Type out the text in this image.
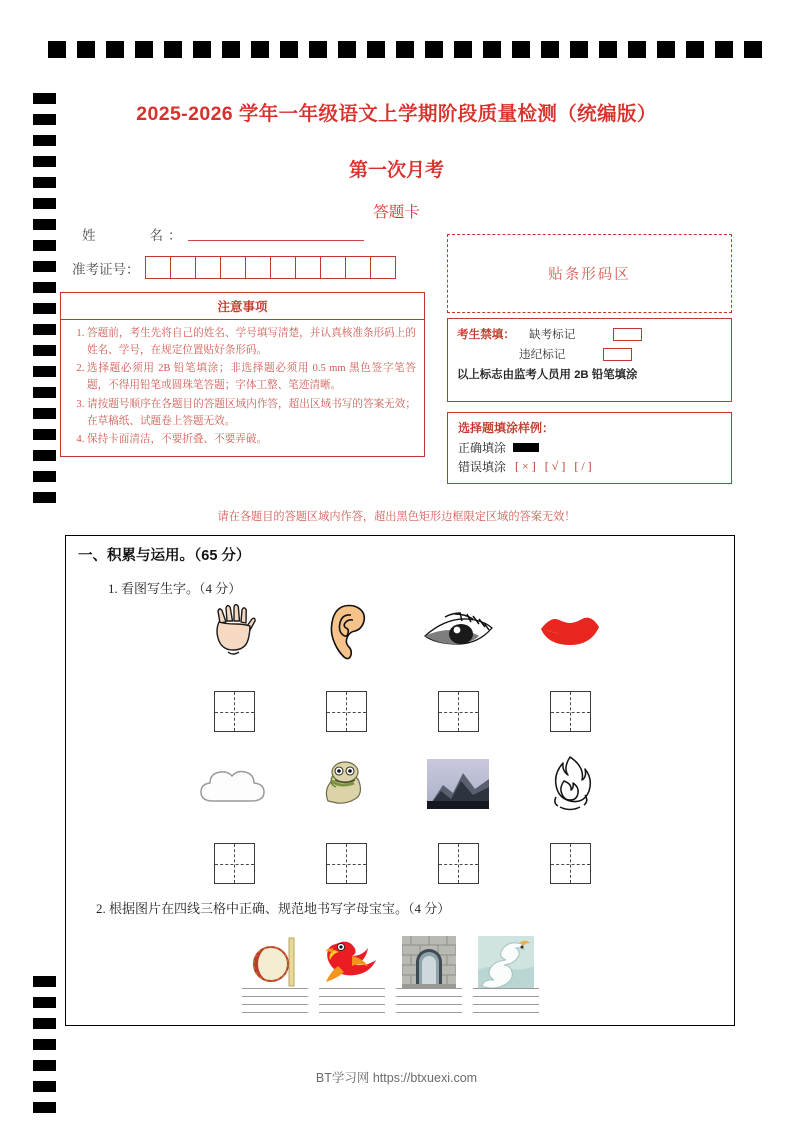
2025-2026 学年一年级语文上学期阶段质量检测（统编版）
第一次月考
答题卡
姓　　名
：
准考证号：
注意事项
1. 答题前，考生先将自己的姓名、学号填写清楚，并认真核准条形码上的姓名、学号，在规定位置贴好条形码。
2. 选择题必须用 2B 铅笔填涂；非选择题必须用 0.5 mm 黑色签字笔答题，不得用铅笔或圆珠笔答题；字体工整、笔迹清晰。
3. 请按题号顺序在各题目的答题区域内作答，超出区域书写的答案无效；在草稿纸、试题卷上答题无效。
4. 保持卡面清洁，不要折叠、不要弄破。
贴条形码区
考生禁填： 缺考标记
违纪标记
以上标志由监考人员用 2B 铅笔填涂
选择题填涂样例：
正确填涂
错误填涂 [×] [√] [/]
请在各题目的答题区域内作答，超出黑色矩形边框限定区域的答案无效！
一、积累与运用。（65 分）
1. 看图写生字。（4 分）
2. 根据图片在四线三格中正确、规范地书写字母宝宝。（4 分）
BT学习网 https://btxuexi.com
